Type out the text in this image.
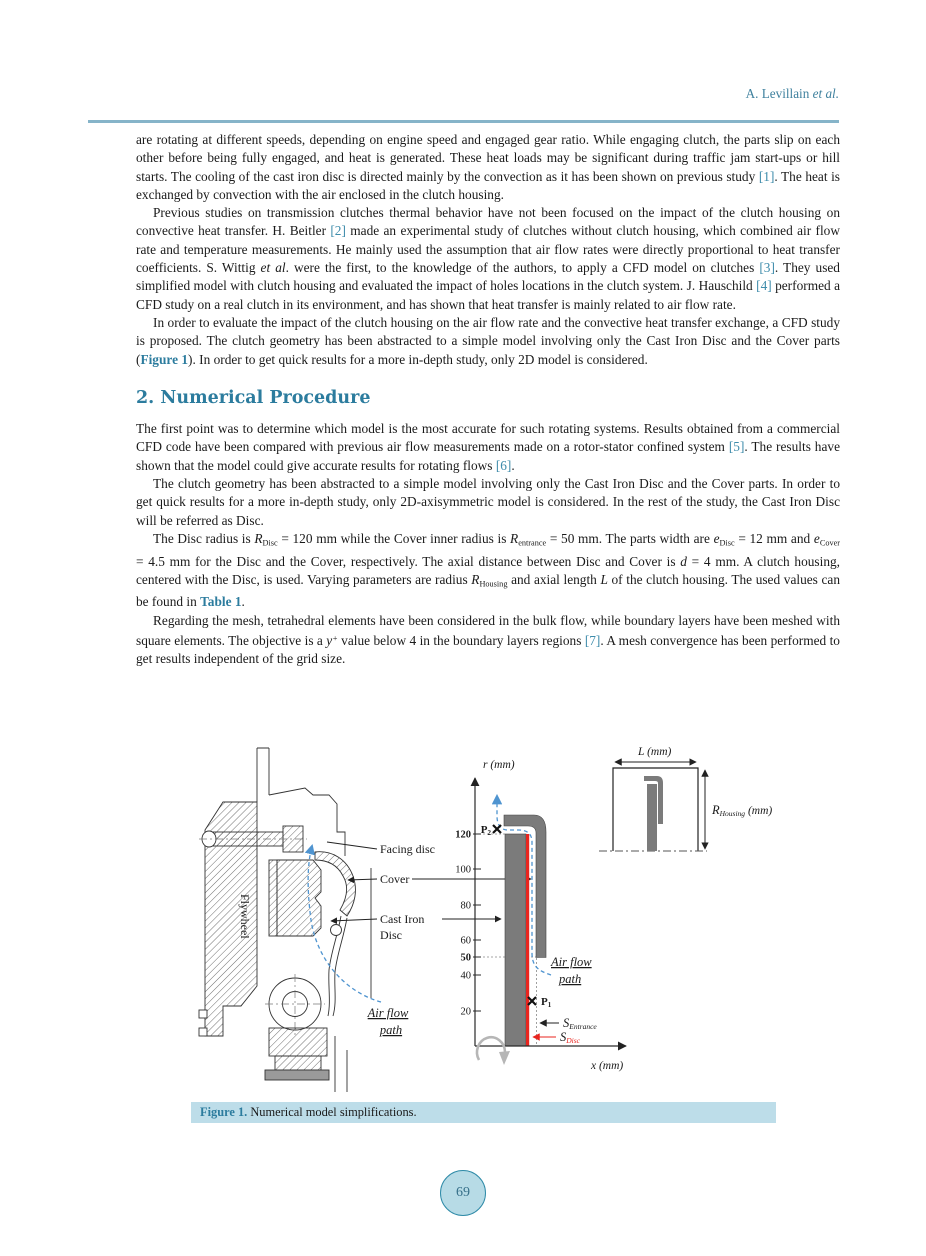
A. Levillain et al.

are rotating at different speeds, depending on engine speed and engaged gear ratio. While engaging clutch, the parts slip on each other before being fully engaged, and heat is generated. These heat loads may be significant during traffic jam start-ups or hill starts. The cooling of the cast iron disc is directed mainly by the convection as it has been shown on previous study [1]. The heat is exchanged by convection with the air enclosed in the clutch housing.

Previous studies on transmission clutches thermal behavior have not been focused on the impact of the clutch housing on convective heat transfer. H. Beitler [2] made an experimental study of clutches without clutch housing, which combined air flow rate and temperature measurements. He mainly used the assumption that air flow rates were directly proportional to heat transfer coefficients. S. Wittig et al. were the first, to the knowledge of the authors, to apply a CFD model on clutches [3]. They used simplified model with clutch housing and evaluated the impact of holes locations in the clutch system. J. Hauschild [4] performed a CFD study on a real clutch in its environment, and has shown that heat transfer is mainly related to air flow rate.

In order to evaluate the impact of the clutch housing on the air flow rate and the convective heat transfer exchange, a CFD study is proposed. The clutch geometry has been abstracted to a simple model involving only the Cast Iron Disc and the Cover parts (Figure 1). In order to get quick results for a more in-depth study, only 2D model is considered.

2. Numerical Procedure

The first point was to determine which model is the most accurate for such rotating systems. Results obtained from a commercial CFD code have been compared with previous air flow measurements made on a rotor-stator confined system [5]. The results have shown that the model could give accurate results for rotating flows [6].

The clutch geometry has been abstracted to a simple model involving only the Cast Iron Disc and the Cover parts. In order to get quick results for a more in-depth study, only 2D-axisymmetric model is considered. In the rest of the study, the Cast Iron Disc will be referred as Disc.

The Disc radius is RDisc = 120 mm while the Cover inner radius is Rentrance = 50 mm. The parts width are eDisc = 12 mm and eCover = 4.5 mm for the Disc and the Cover, respectively. The axial distance between Disc and Cover is d = 4 mm. A clutch housing, centered with the Disc, is used. Varying parameters are radius RHousing and axial length L of the clutch housing. The used values can be found in Table 1.

Regarding the mesh, tetrahedral elements have been considered in the bulk flow, while boundary layers have been meshed with square elements. The objective is a y+ value below 4 in the boundary layers regions [7]. A mesh convergence has been performed to get results independent of the grid size.

Flywheel
Facing disc
Cover
Cast Iron
Disc
Air flow
path
r (mm)
x (mm)
120
100
80
60
50
40
20
Air flow
path
P2
P1
SEntrance
SDisc
L (mm)
RHousing (mm)
Figure 1. Numerical model simplifications.
69
